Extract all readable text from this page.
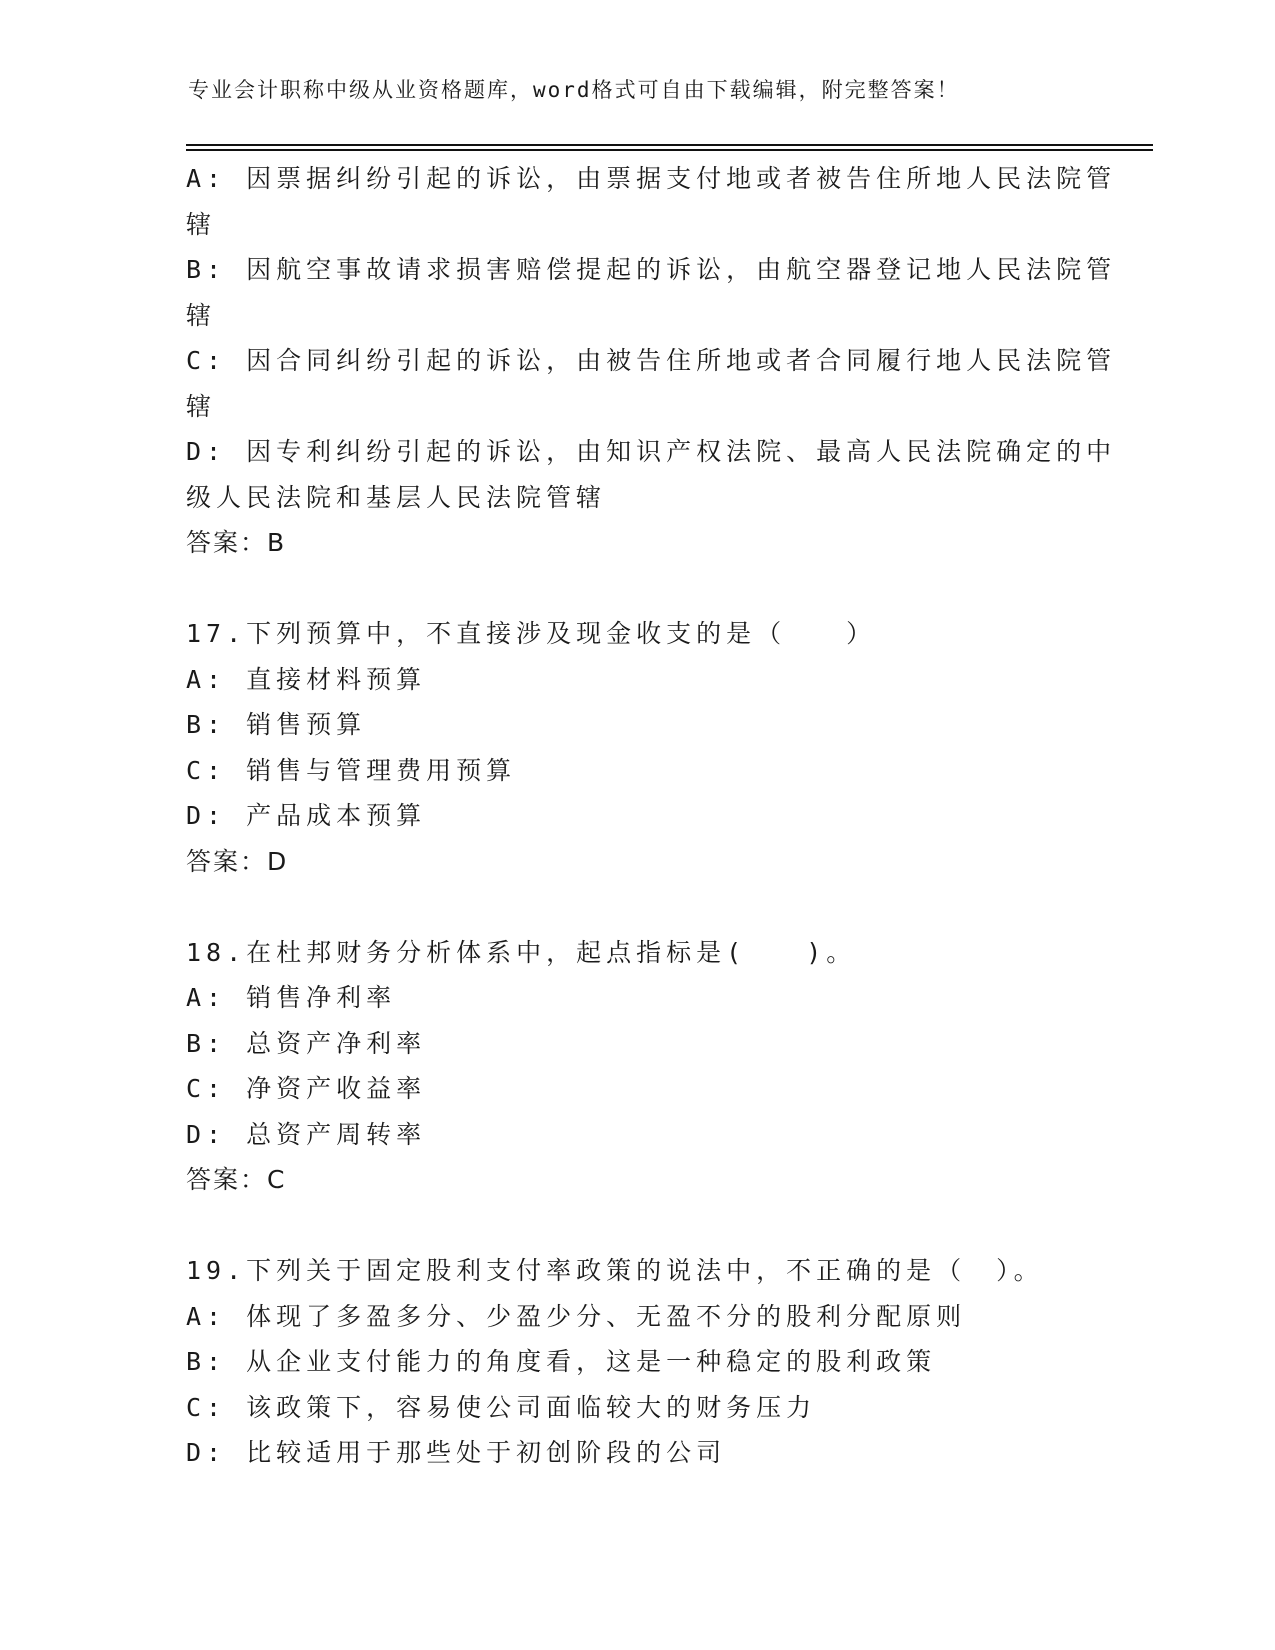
专业会计职称中级从业资格题库，word格式可自由下载编辑，附完整答案！
A: 因票据纠纷引起的诉讼，由票据支付地或者被告住所地人民法院管
辖
B: 因航空事故请求损害赔偿提起的诉讼，由航空器登记地人民法院管
辖
C: 因合同纠纷引起的诉讼，由被告住所地或者合同履行地人民法院管
辖
D: 因专利纠纷引起的诉讼，由知识产权法院、最高人民法院确定的中
级人民法院和基层人民法院管辖
答案：B
17.下列预算中，不直接涉及现金收支的是（　　）
A: 直接材料预算
B: 销售预算
C: 销售与管理费用预算
D: 产品成本预算
答案：D
18.在杜邦财务分析体系中，起点指标是(　　)。
A: 销售净利率
B: 总资产净利率
C: 净资产收益率
D: 总资产周转率
答案：C
19.下列关于固定股利支付率政策的说法中，不正确的是（　）。
A: 体现了多盈多分、少盈少分、无盈不分的股利分配原则
B: 从企业支付能力的角度看，这是一种稳定的股利政策
C: 该政策下，容易使公司面临较大的财务压力
D: 比较适用于那些处于初创阶段的公司
